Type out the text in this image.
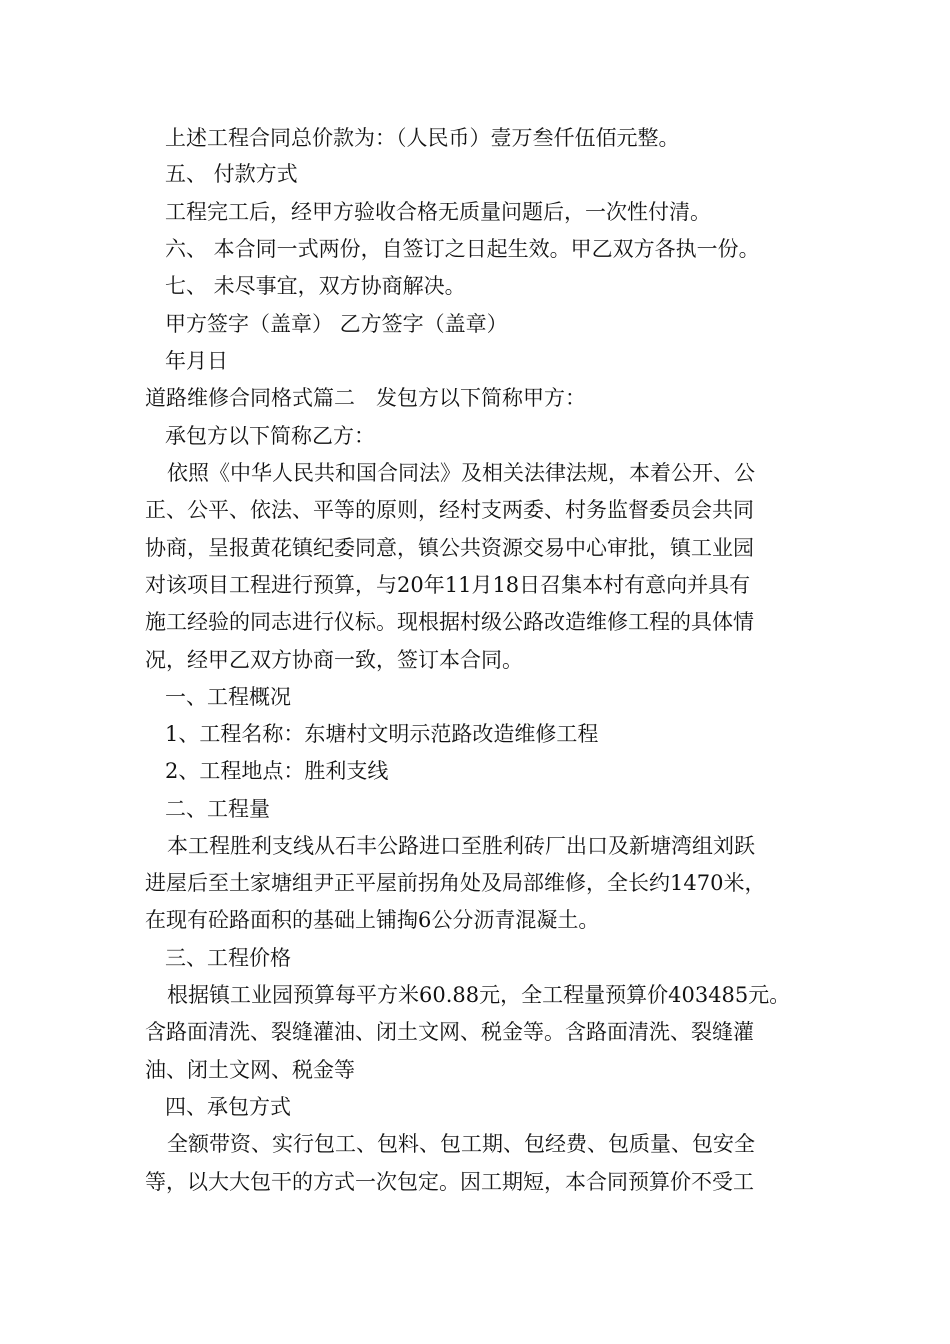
上述工程合同总价款为：（人民币）壹万叁仟伍佰元整。
五、 付款方式
工程完工后，经甲方验收合格无质量问题后，一次性付清。
六、 本合同一式两份，自签订之日起生效。甲乙双方各执一份。
七、 未尽事宜，双方协商解决。
甲方签字（盖章） 乙方签字（盖章）
年月日
道路维修合同格式篇二　发包方以下简称甲方：
承包方以下简称乙方：
依照《中华人民共和国合同法》及相关法律法规，本着公开、公
正、公平、依法、平等的原则，经村支两委、村务监督委员会共同
协商，呈报黄花镇纪委同意，镇公共资源交易中心审批，镇工业园
对该项目工程进行预算，与20年11月18日召集本村有意向并具有
施工经验的同志进行仪标。现根据村级公路改造维修工程的具体情
况，经甲乙双方协商一致，签订本合同。
一、工程概况
1、工程名称：东塘村文明示范路改造维修工程
2、工程地点：胜利支线
二、工程量
本工程胜利支线从石丰公路进口至胜利砖厂出口及新塘湾组刘跃
进屋后至土家塘组尹正平屋前拐角处及局部维修，全长约1470米，
在现有砼路面积的基础上铺掏6公分沥青混凝土。
三、工程价格
根据镇工业园预算每平方米60.88元，全工程量预算价403485元。
含路面清洗、裂缝灌油、闭土文网、税金等。含路面清洗、裂缝灌
油、闭土文网、税金等
四、承包方式
全额带资、实行包工、包料、包工期、包经费、包质量、包安全
等，以大大包干的方式一次包定。因工期短，本合同预算价不受工
